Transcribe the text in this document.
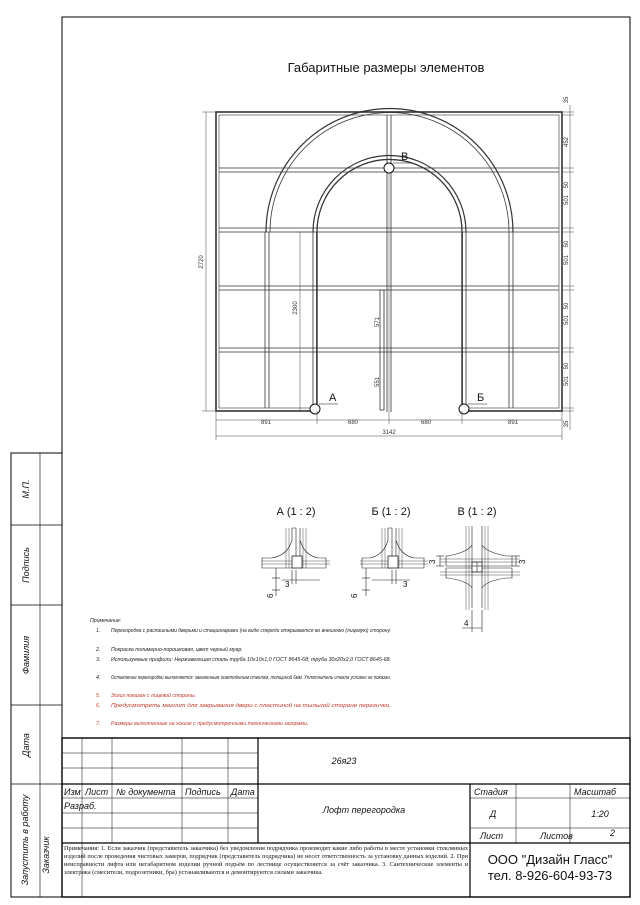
Габаритные размеры элементов
А	Б
В
891	680	680	891
3142
2720
2300
571
551
35
452
50
501
50
501
50
501
50
501
35
А (1 : 2)	Б (1 : 2)	В (1 : 2)
3
6
3
6
3	3
4
Примечание:
1. Перегородка с распашными дверьми и стационарами (на виде спереди открывается во внешнюю (лицевую) сторону.
2. Покраска полимерно-порошковая, цвет черный муар.
3. Используемые профили: Нержавеющая сталь труба 10х10х1,0 ГОСТ 8645-68; труба 30х20х2,0 ГОСТ 8645-68.
4. Остекление перегородки выполняется: закаленным осветлённым стеклом, толщиной 6мм. Уплотнитель стекла условно не показан.
5. Эскиз показан с лицевой стороны.
6. Предусмотреть магнит для закрывания двери с пластиной на тыльной стороне перегички.
7. Размеры выполненные на эскизе с предусмотренными техническими зазорами.
26я23
Лофт перегородка
Изм Лист № документа Подпись Дата
Разраб.
Стадия
Д
Масштаб
1:20
Лист	Листов	2
ООО "Дизайн Гласс"
тел. 8-926-604-93-73
Примечания: 1. Если заказчик (представитель заказчика) без уведомления подрядчика производит какие либо работы в месте установки стеклянных изделий после проведения чистовых замеров, подрядчик (представитель подрядчика) не несет ответственность за установку данных изделий. 2. При неисправности лифта или негабаритном изделии ручной подъём по лестнице осуществляется за счёт заказчика. 3. Сантехнические элементы и электрика (смесители, подрозетники, бра) устанавливаются и демонтируются силами заказчика.
М.П.
Подпись
Фамилия
Дата
Запустить в работу Заказчик
